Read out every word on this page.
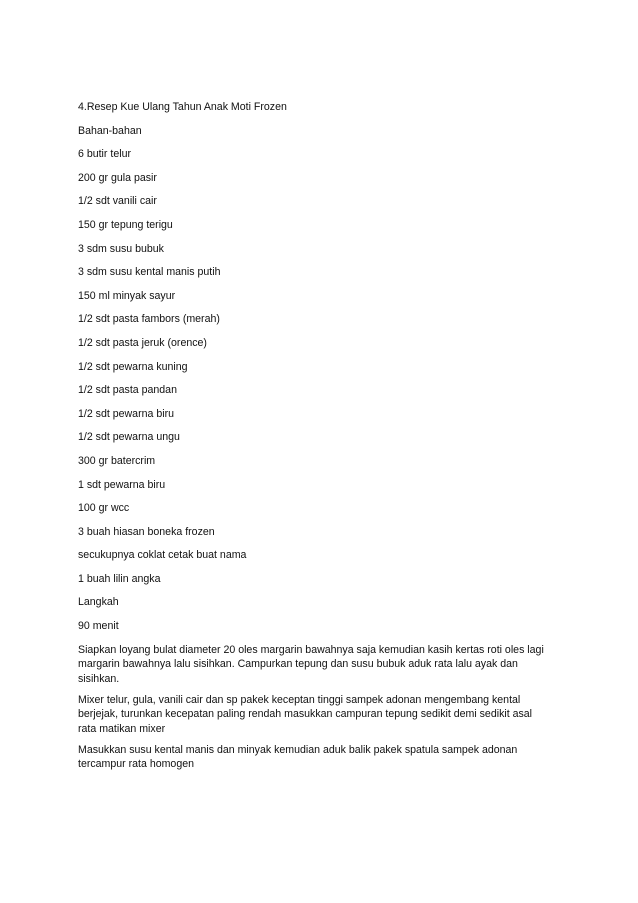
4.Resep Kue Ulang Tahun Anak Moti Frozen
Bahan-bahan
6 butir telur
200 gr gula pasir
1/2 sdt vanili cair
150 gr tepung terigu
3 sdm susu bubuk
3 sdm susu kental manis putih
150 ml minyak sayur
1/2 sdt pasta fambors (merah)
1/2 sdt pasta jeruk (orence)
1/2 sdt pewarna kuning
1/2 sdt pasta pandan
1/2 sdt pewarna biru
1/2 sdt pewarna ungu
300 gr batercrim
1 sdt pewarna biru
100 gr wcc
3 buah hiasan boneka frozen
secukupnya coklat cetak buat nama
1 buah lilin angka
Langkah
90 menit
Siapkan loyang bulat diameter 20 oles margarin bawahnya saja kemudian kasih kertas roti oles lagi
margarin bawahnya lalu sisihkan. Campurkan tepung dan susu bubuk aduk rata lalu ayak dan
sisihkan.
Mixer telur, gula, vanili cair dan sp pakek keceptan tinggi sampek adonan mengembang kental
berjejak, turunkan kecepatan paling rendah masukkan campuran tepung sedikit demi sedikit asal
rata matikan mixer
Masukkan susu kental manis dan minyak kemudian aduk balik pakek spatula sampek adonan
tercampur rata homogen
